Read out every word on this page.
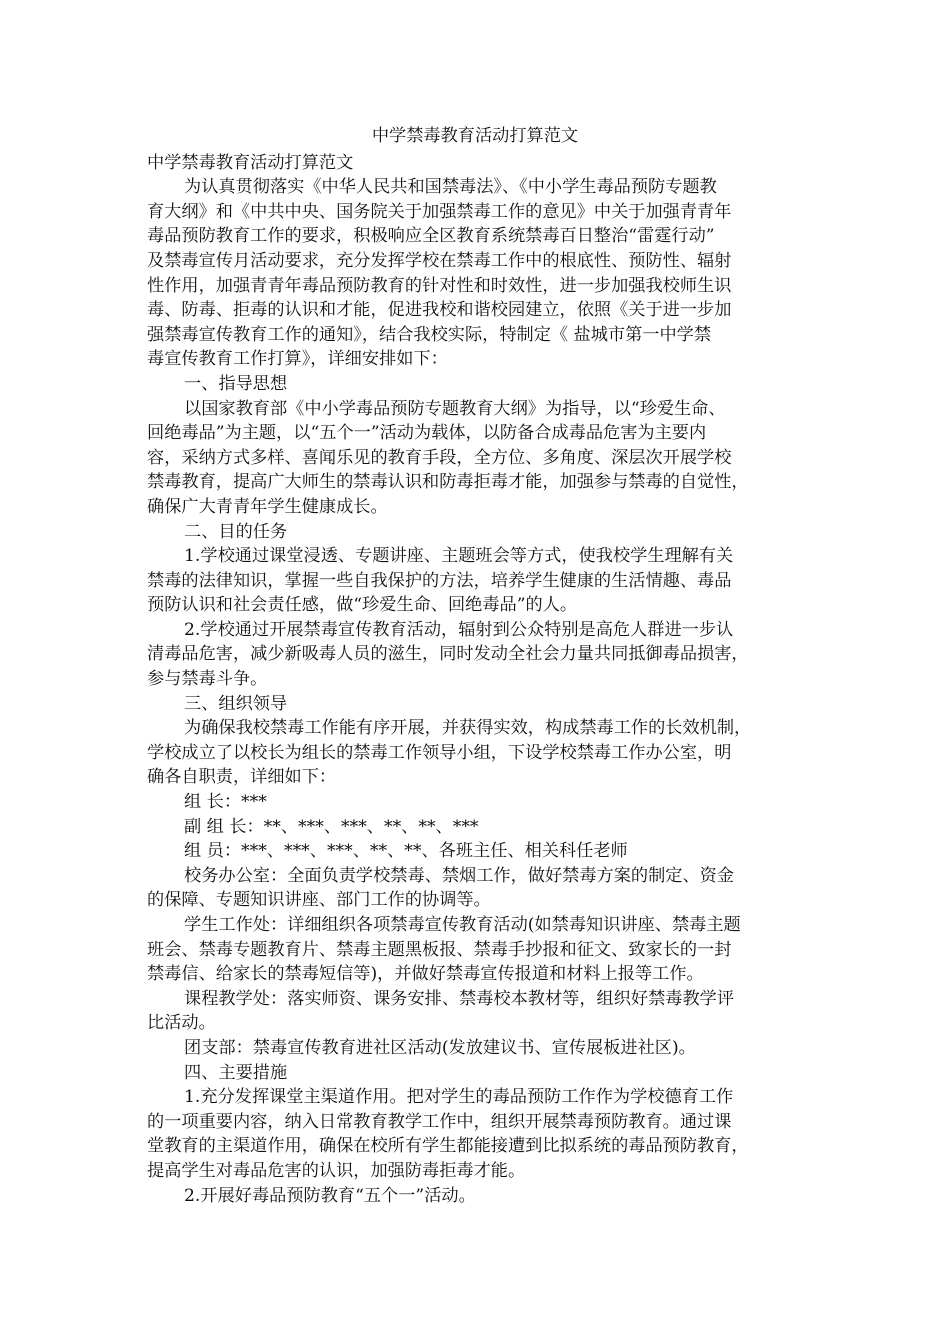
中学禁毒教育活动打算范文
中学禁毒教育活动打算范文
为认真贯彻落实《中华人民共和国禁毒法》、《中小学生毒品预防专题教
育大纲》和《中共中央、国务院关于加强禁毒工作的意见》中关于加强青青年
毒品预防教育工作的要求，积极响应全区教育系统禁毒百日整治“雷霆行动”
及禁毒宣传月活动要求，充分发挥学校在禁毒工作中的根底性、预防性、辐射
性作用，加强青青年毒品预防教育的针对性和时效性，进一步加强我校师生识
毒、防毒、拒毒的认识和才能，促进我校和谐校园建立，依照《关于进一步加
强禁毒宣传教育工作的通知》，结合我校实际，特制定《 盐城市第一中学禁
毒宣传教育工作打算》，详细安排如下：
一、指导思想
以国家教育部《中小学毒品预防专题教育大纲》为指导，以“珍爱生命、
回绝毒品”为主题，以“五个一”活动为载体，以防备合成毒品危害为主要内
容，采纳方式多样、喜闻乐见的教育手段，全方位、多角度、深层次开展学校
禁毒教育，提高广大师生的禁毒认识和防毒拒毒才能，加强参与禁毒的自觉性，
确保广大青青年学生健康成长。
二、目的任务
1.学校通过课堂浸透、专题讲座、主题班会等方式，使我校学生理解有关
禁毒的法律知识，掌握一些自我保护的方法，培养学生健康的生活情趣、毒品
预防认识和社会责任感，做“珍爱生命、回绝毒品”的人。
2.学校通过开展禁毒宣传教育活动，辐射到公众特别是高危人群进一步认
清毒品危害，减少新吸毒人员的滋生，同时发动全社会力量共同抵御毒品损害，
参与禁毒斗争。
三、组织领导
为确保我校禁毒工作能有序开展，并获得实效，构成禁毒工作的长效机制，
学校成立了以校长为组长的禁毒工作领导小组，下设学校禁毒工作办公室，明
确各自职责，详细如下：
组 长：***
副 组 长：**、***、***、**、**、***
组 员：***、***、***、**、**、各班主任、相关科任老师
校务办公室：全面负责学校禁毒、禁烟工作，做好禁毒方案的制定、资金
的保障、专题知识讲座、部门工作的协调等。
学生工作处：详细组织各项禁毒宣传教育活动(如禁毒知识讲座、禁毒主题
班会、禁毒专题教育片、禁毒主题黑板报、禁毒手抄报和征文、致家长的一封
禁毒信、给家长的禁毒短信等)，并做好禁毒宣传报道和材料上报等工作。
课程教学处：落实师资、课务安排、禁毒校本教材等，组织好禁毒教学评
比活动。
团支部：禁毒宣传教育进社区活动(发放建议书、宣传展板进社区)。
四、主要措施
1.充分发挥课堂主渠道作用。把对学生的毒品预防工作作为学校德育工作
的一项重要内容，纳入日常教育教学工作中，组织开展禁毒预防教育。通过课
堂教育的主渠道作用，确保在校所有学生都能接遭到比拟系统的毒品预防教育，
提高学生对毒品危害的认识，加强防毒拒毒才能。
2.开展好毒品预防教育“五个一”活动。
